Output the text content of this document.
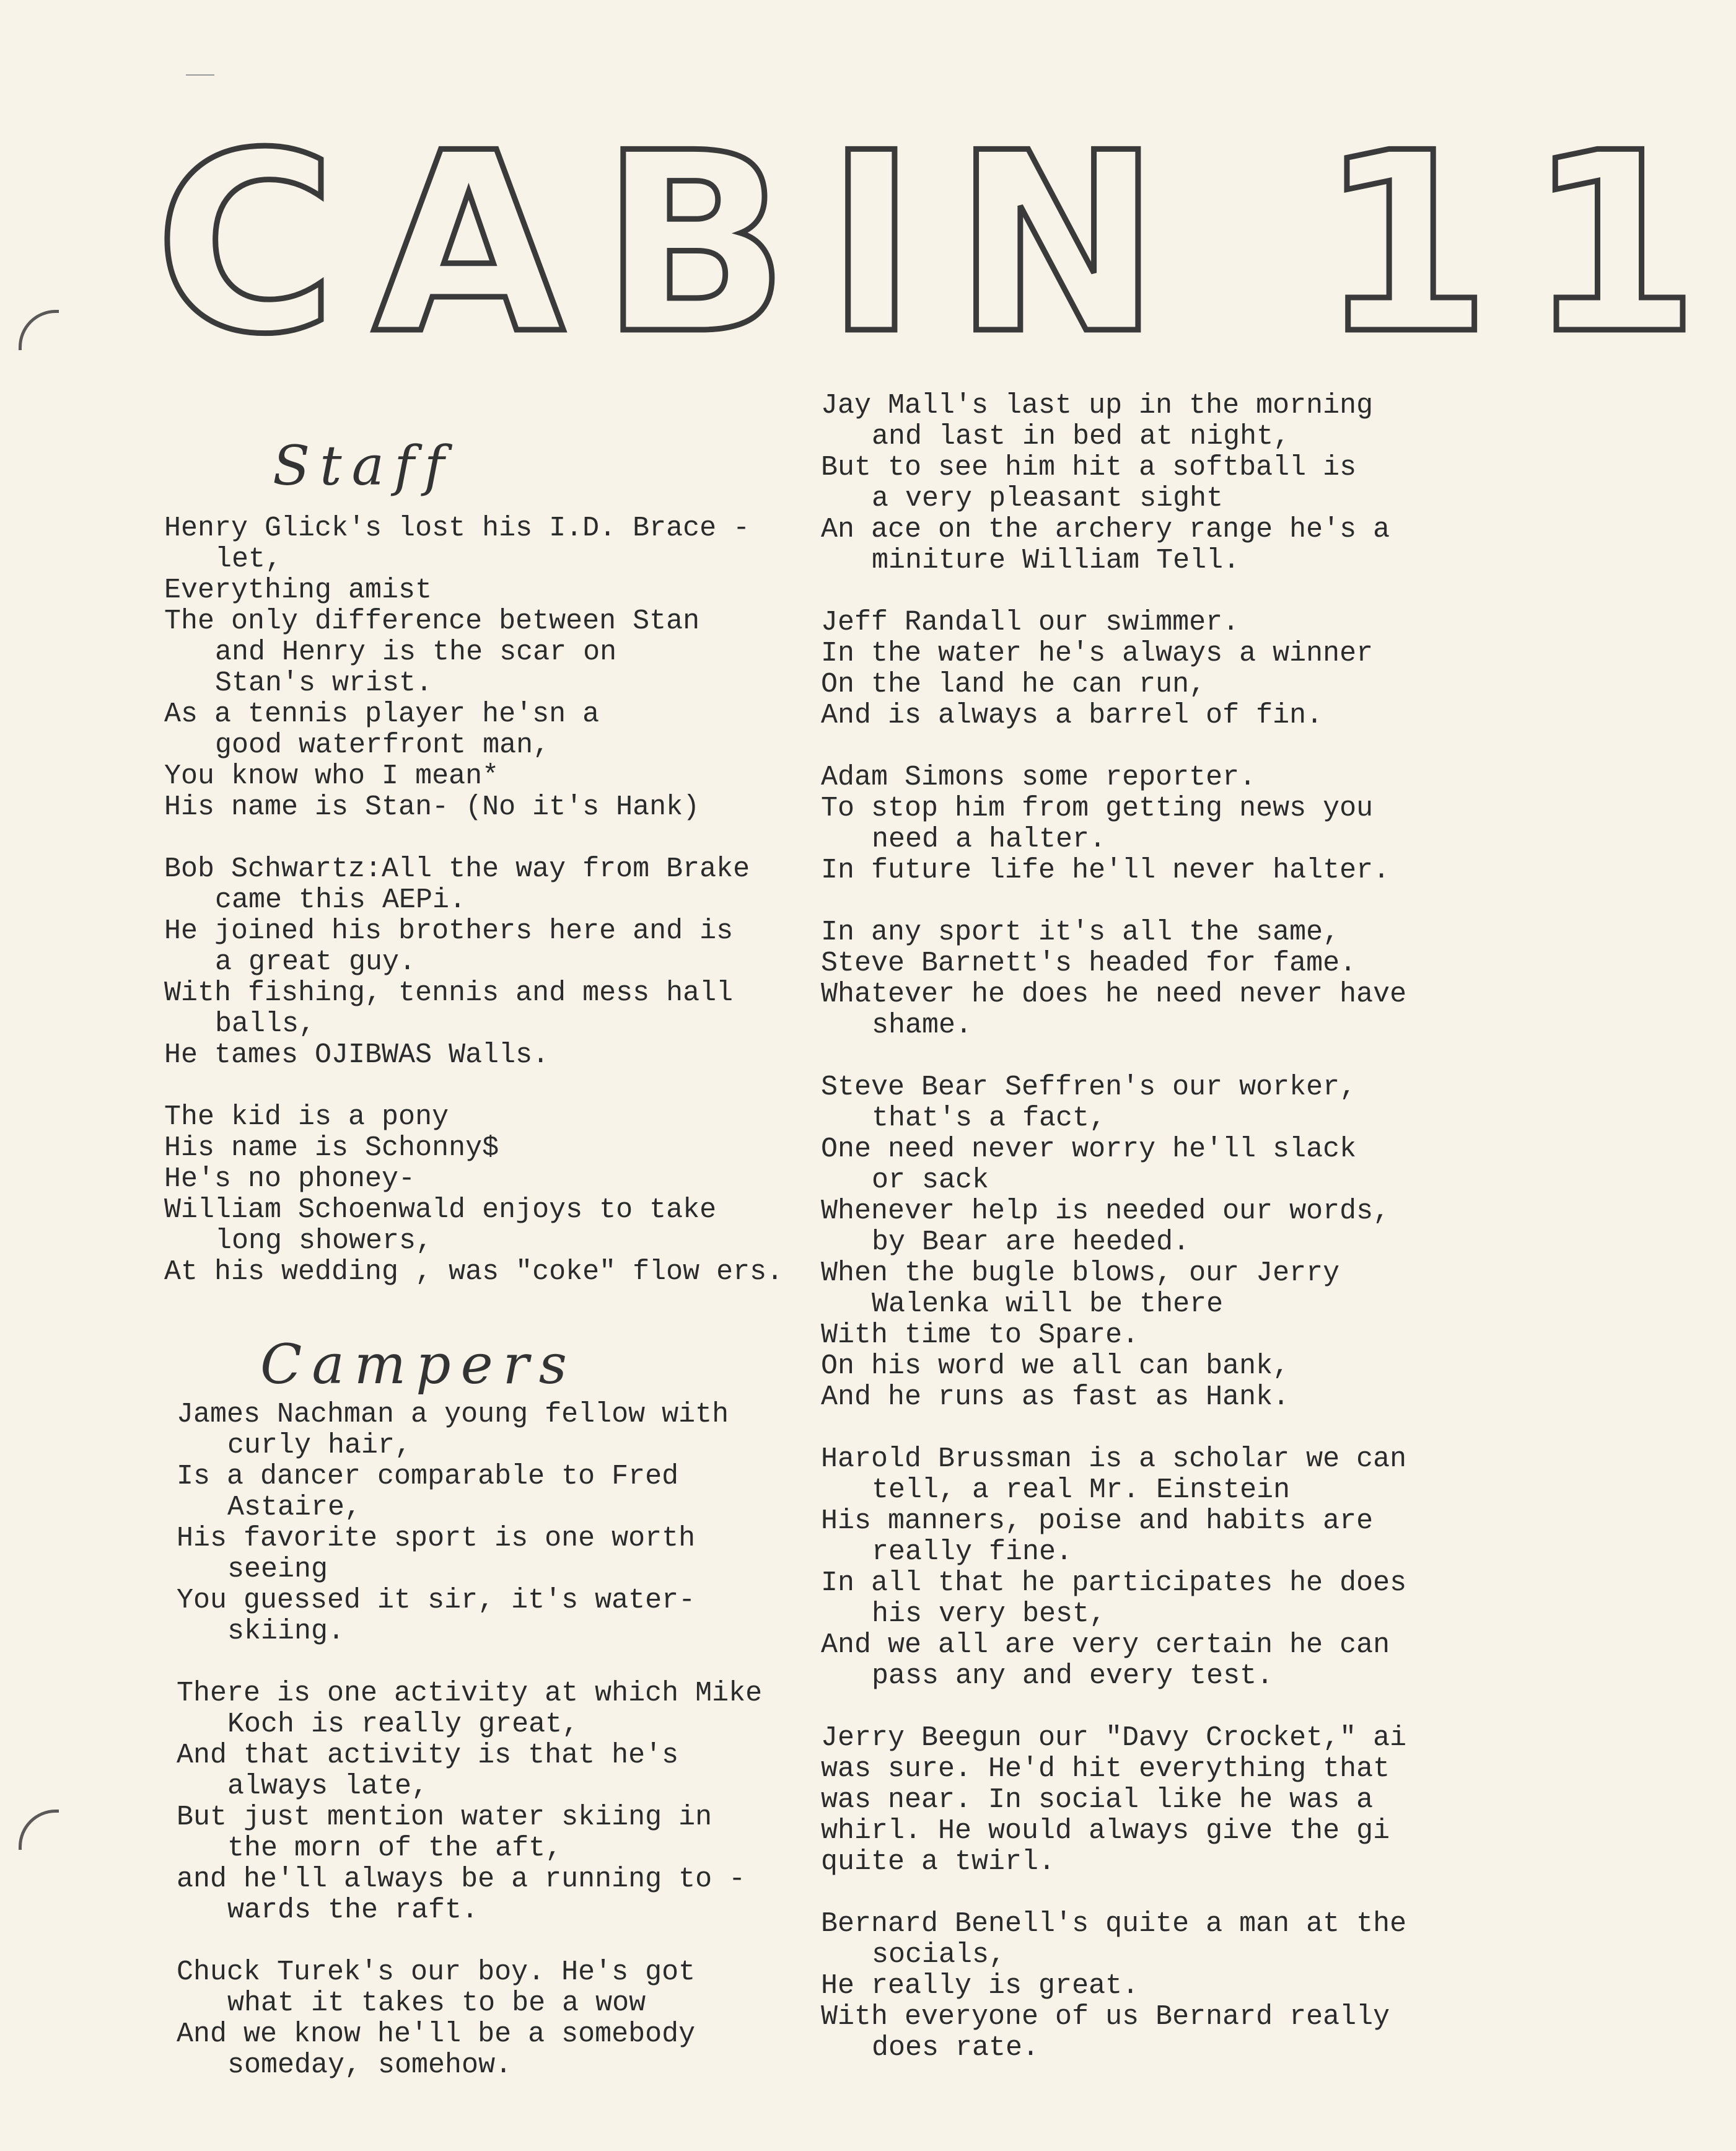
CABIN 11
Staff
Henry Glick's lost his I.D. Brace -
let,
Everything amist
The only difference between Stan
and Henry is the scar on
Stan's wrist.
As a tennis player he'sn a
good waterfront man,
You know who I mean*
His name is Stan- (No it's Hank)
Bob Schwartz:All the way from Brake
came this AEPi.
He joined his brothers here and is
a great guy.
With fishing, tennis and mess hall
balls,
He tames OJIBWAS Walls.
The kid is a pony
His name is Schonny$
He's no phoney-
William Schoenwald enjoys to take
long showers,
At his wedding , was "coke" flow ers.
Campers
James Nachman a young fellow with
curly hair,
Is a dancer comparable to Fred
Astaire,
His favorite sport is one worth
seeing
You guessed it sir, it's water-
skiing.
There is one activity at which Mike
Koch is really great,
And that activity is that he's
always late,
But just mention water skiing in
the morn of the aft,
and he'll always be a running to -
wards the raft.
Chuck Turek's our boy. He's got
what it takes to be a wow
And we know he'll be a somebody
someday, somehow.
Jay Mall's last up in the morning
and last in bed at night,
But to see him hit a softball is
a very pleasant sight
An ace on the archery range he's a
miniture William Tell.
Jeff Randall our swimmer.
In the water he's always a winner
On the land he can run,
And is always a barrel of fin.
Adam Simons some reporter.
To stop him from getting news you
need a halter.
In future life he'll never halter.
In any sport it's all the same,
Steve Barnett's headed for fame.
Whatever he does he need never have
shame.
Steve Bear Seffren's our worker,
that's a fact,
One need never worry he'll slack
or sack
Whenever help is needed our words,
by Bear are heeded.
When the bugle blows, our Jerry
Walenka will be there
With time to Spare.
On his word we all can bank,
And he runs as fast as Hank.
Harold Brussman is a scholar we can
tell, a real Mr. Einstein
His manners, poise and habits are
really fine.
In all that he participates he does
his very best,
And we all are very certain he can
pass any and every test.
Jerry Beegun our "Davy Crocket," ai
was sure. He'd hit everything that
was near. In social like he was a
whirl. He would always give the gi
quite a twirl.
Bernard Benell's quite a man at the
socials,
He really is great.
With everyone of us Bernard really
does rate.
